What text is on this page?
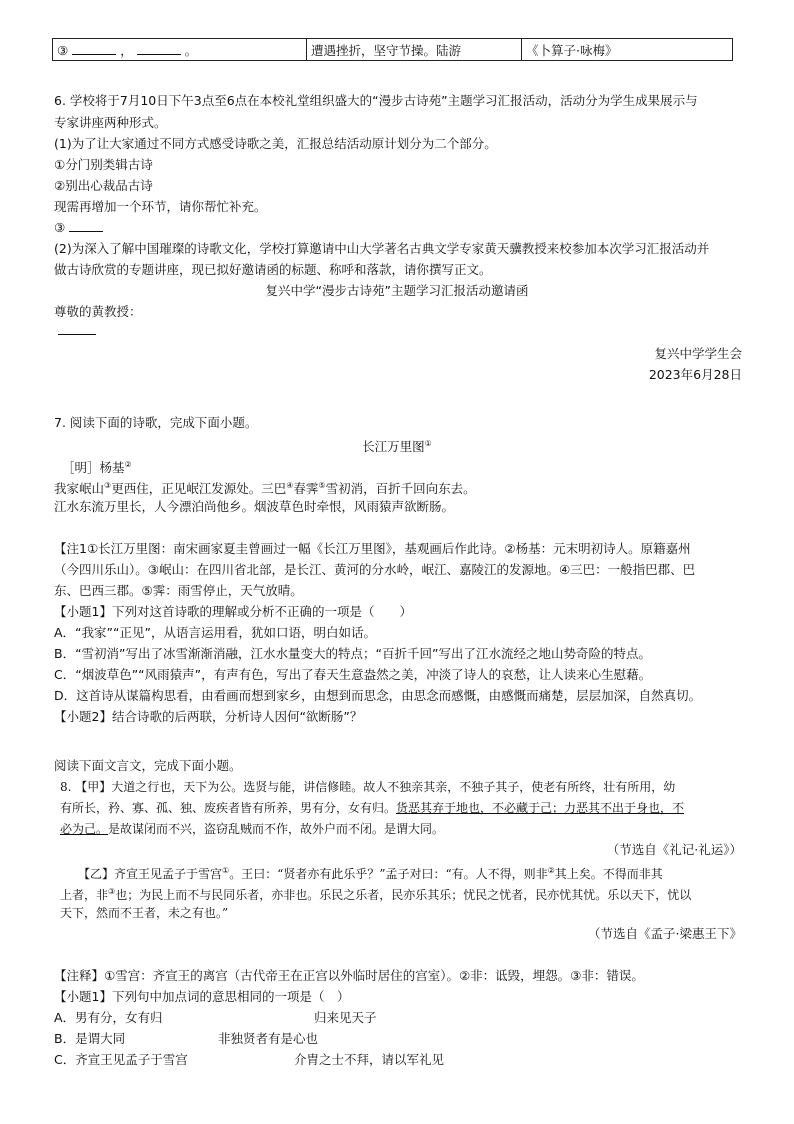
③	，	。	遭遇挫折，坚守节操。陆游	《卜算子·咏梅》
6. 学校将于7月10日下午3点至6点在本校礼堂组织盛大的“漫步古诗苑”主题学习汇报活动，活动分为学生成果展示与
专家讲座两种形式。
(1)为了让大家通过不同方式感受诗歌之美，汇报总结活动原计划分为二个部分。
①分门别类辑古诗
②别出心裁品古诗
现需再增加一个环节，请你帮忙补充。
③
(2)为深入了解中国璀璨的诗歌文化，学校打算邀请中山大学著名古典文学专家黄天骥教授来校参加本次学习汇报活动并
做古诗欣赏的专题讲座，现已拟好邀请函的标题、称呼和落款，请你撰写正文。
复兴中学“漫步古诗苑”主题学习汇报活动邀请函
尊敬的黄教授：
复兴中学学生会
2023年6月28日
7. 阅读下面的诗歌，完成下面小题。
长江万里图①
［明］杨基②
我家岷山③更西住，正见岷江发源处。三巴④春霁⑤雪初消，百折千回向东去。
江水东流万里长，人今漂泊尚他乡。烟波草色时牵恨，风雨猿声欲断肠。
【注1①长江万里图：南宋画家夏圭曾画过一幅《长江万里图》，基观画后作此诗。②杨基：元末明初诗人。原籍嘉州
（今四川乐山）。③岷山：在四川省北部，是长江、黄河的分水岭，岷江、嘉陵江的发源地。④三巴：一般指巴郡、巴
东、巴西三郡。⑤霁：雨雪停止，天气放晴。
【小题1】下列对这首诗歌的理解或分析不正确的一项是（　　）
A．“我家”“正见”，从语言运用看，犹如口语，明白如话。
B．“雪初消”写出了冰雪渐渐消融，江水水量变大的特点；“百折千回”写出了江水流经之地山势奇险的特点。
C．“烟波草色”“风雨猿声”，有声有色，写出了春天生意盎然之美，冲淡了诗人的哀愁，让人读来心生慰藉。
D．这首诗从谋篇构思看，由看画而想到家乡，由想到而思念，由思念而感慨，由感慨而痛楚，层层加深，自然真切。
【小题2】结合诗歌的后两联，分析诗人因何“欲断肠”？
阅读下面文言文，完成下面小题。
8. 【甲】大道之行也，天下为公。选贤与能，讲信修睦。故人不独亲其亲，不独子其子，使老有所终，壮有所用，幼
有所长，矜、寡、孤、独、废疾者皆有所养，男有分，女有归。货恶其弃于地也，不必藏于己；力恶其不出于身也，不
必为己。是故谋闭而不兴，盗窃乱贼而不作，故外户而不闭。是谓大同。
（节选自《礼记·礼运》）
【乙】齐宣王见孟子于雪宫①。王曰：“贤者亦有此乐乎？”孟子对曰：“有。人不得，则非②其上矣。不得而非其
上者，非③也；为民上而不与民同乐者，亦非也。乐民之乐者，民亦乐其乐；忧民之忧者，民亦忧其忧。乐以天下，忧以
天下，然而不王者，未之有也。”
（节选自《孟子·梁惠王下》
【注释】①雪宫：齐宣王的离宫（古代帝王在正宫以外临时居住的宫室）。②非：诋毁，埋怨。③非：错误。
【小题1】下列句中加点词的意思相同的一项是（　）
A．男有分，女有归	归来见天子
B．是谓大同	非独贤者有是心也
C．齐宣王见孟子于雪宫	介胄之士不拜，请以军礼见
